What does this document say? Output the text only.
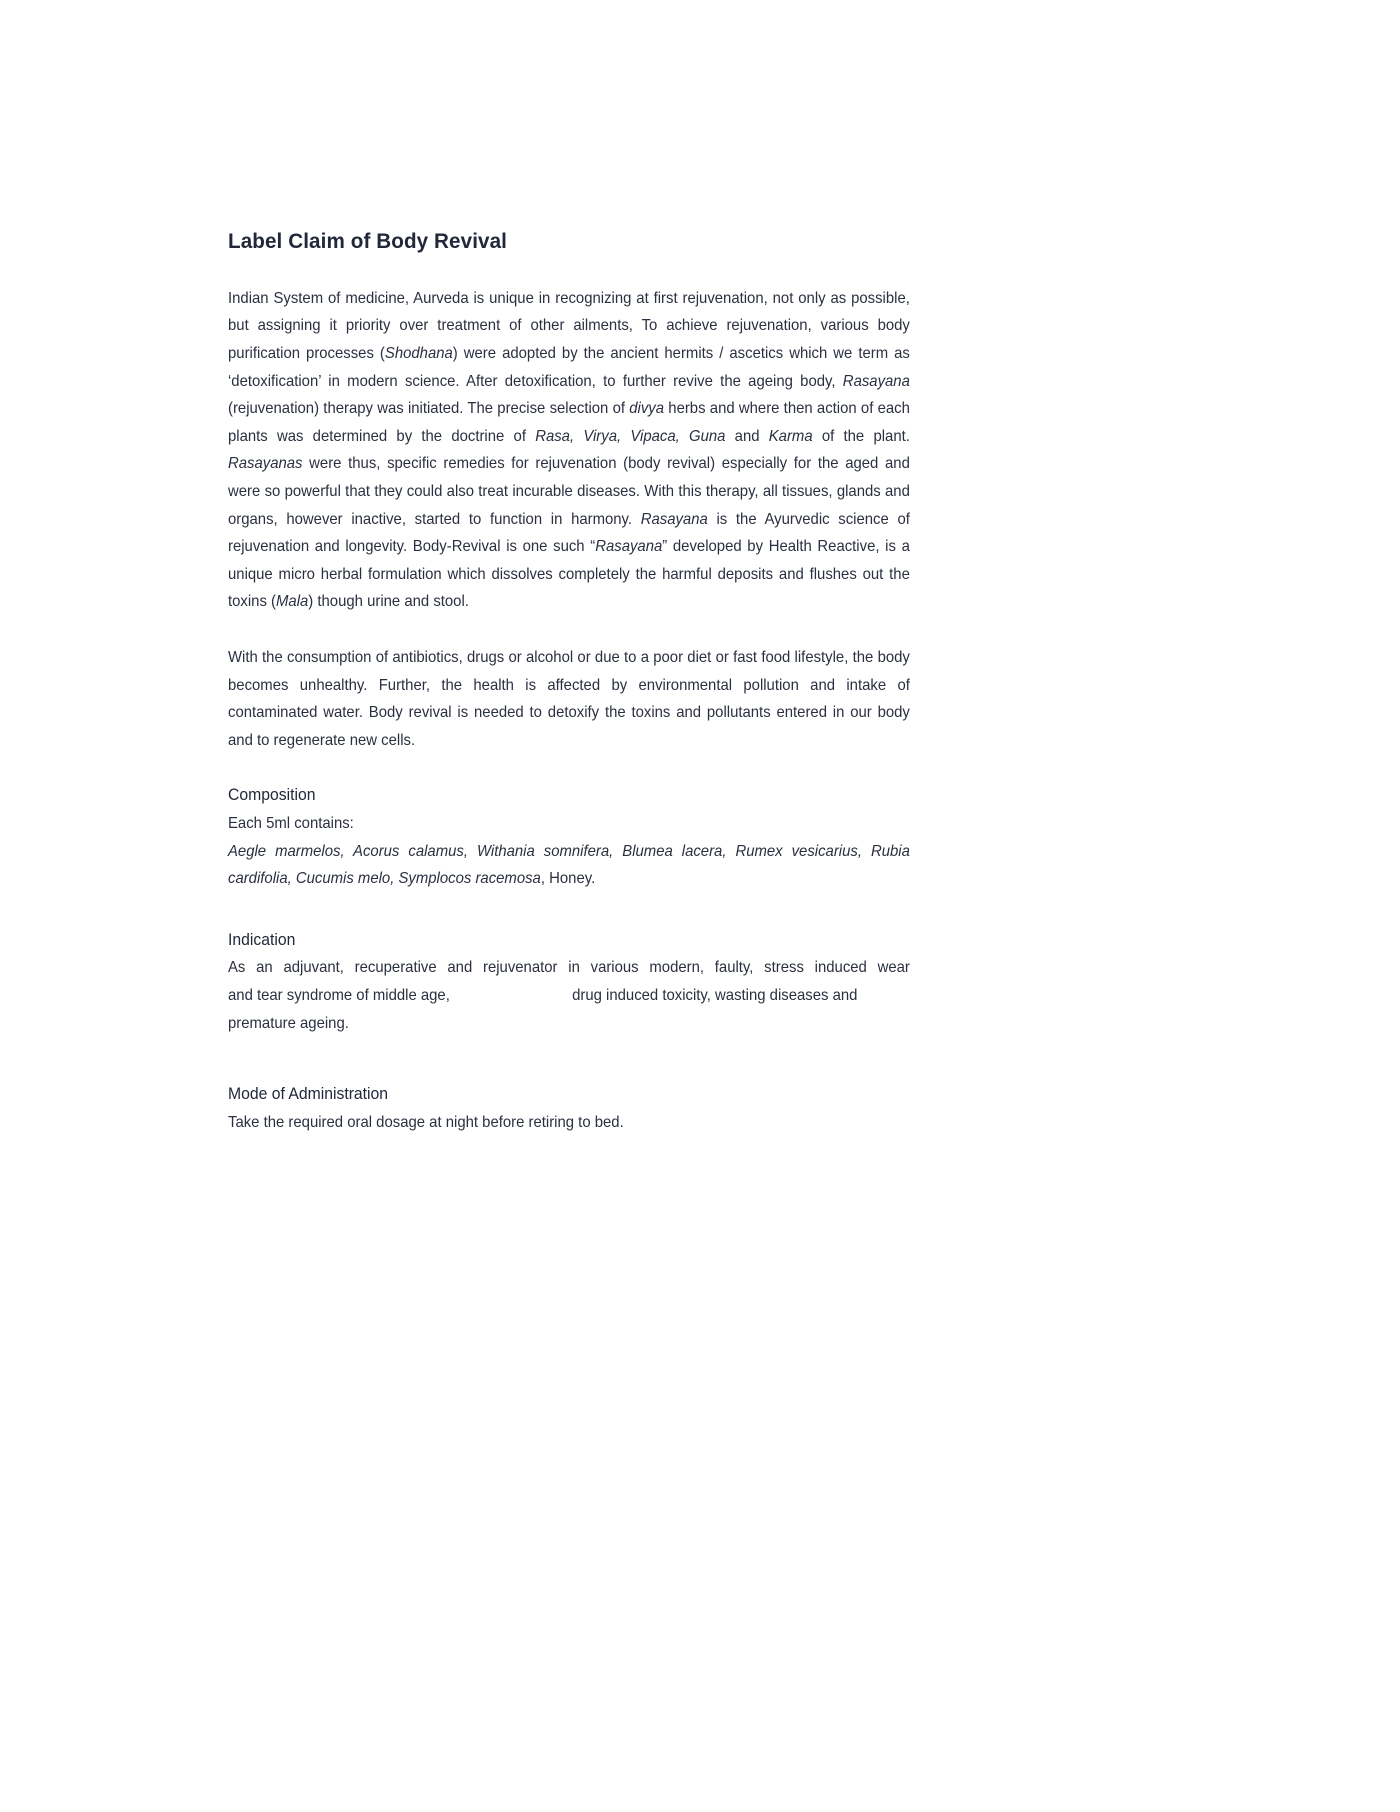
Label Claim of Body Revival

Indian System of medicine, Aurveda is unique in recognizing at first rejuvenation, not only as possible, but assigning it priority over treatment of other ailments, To achieve rejuvenation, various body purification processes (Shodhana) were adopted by the ancient hermits / ascetics which we term as ‘detoxification’ in modern science. After detoxification, to further revive the ageing body, Rasayana (rejuvenation) therapy was initiated. The precise selection of divya herbs and where then action of each plants was determined by the doctrine of Rasa, Virya, Vipaca, Guna and Karma of the plant. Rasayanas were thus, specific remedies for rejuvenation (body revival) especially for the aged and were so powerful that they could also treat incurable diseases. With this therapy, all tissues, glands and organs, however inactive, started to function in harmony. Rasayana is the Ayurvedic science of rejuvenation and longevity. Body-Revival is one such “Rasayana” developed by Health Reactive, is a unique micro herbal formulation which dissolves completely the harmful deposits and flushes out the toxins (Mala) though urine and stool.

With the consumption of antibiotics, drugs or alcohol or due to a poor diet or fast food lifestyle, the body becomes unhealthy. Further, the health is affected by environmental pollution and intake of contaminated water. Body revival is needed to detoxify the toxins and pollutants entered in our body and to regenerate new cells.

Composition

Each 5ml contains:

Aegle marmelos, Acorus calamus, Withania somnifera, Blumea lacera, Rumex vesicarius, Rubia cardifolia, Cucumis melo, Symplocos racemosa, Honey.

Indication

As an adjuvant, recuperative and rejuvenator in various modern, faulty, stress induced wear

and tear syndrome of middle age,	drug induced toxicity, wasting diseases and

premature ageing.

Mode of Administration

Take the required oral dosage at night before retiring to bed.
